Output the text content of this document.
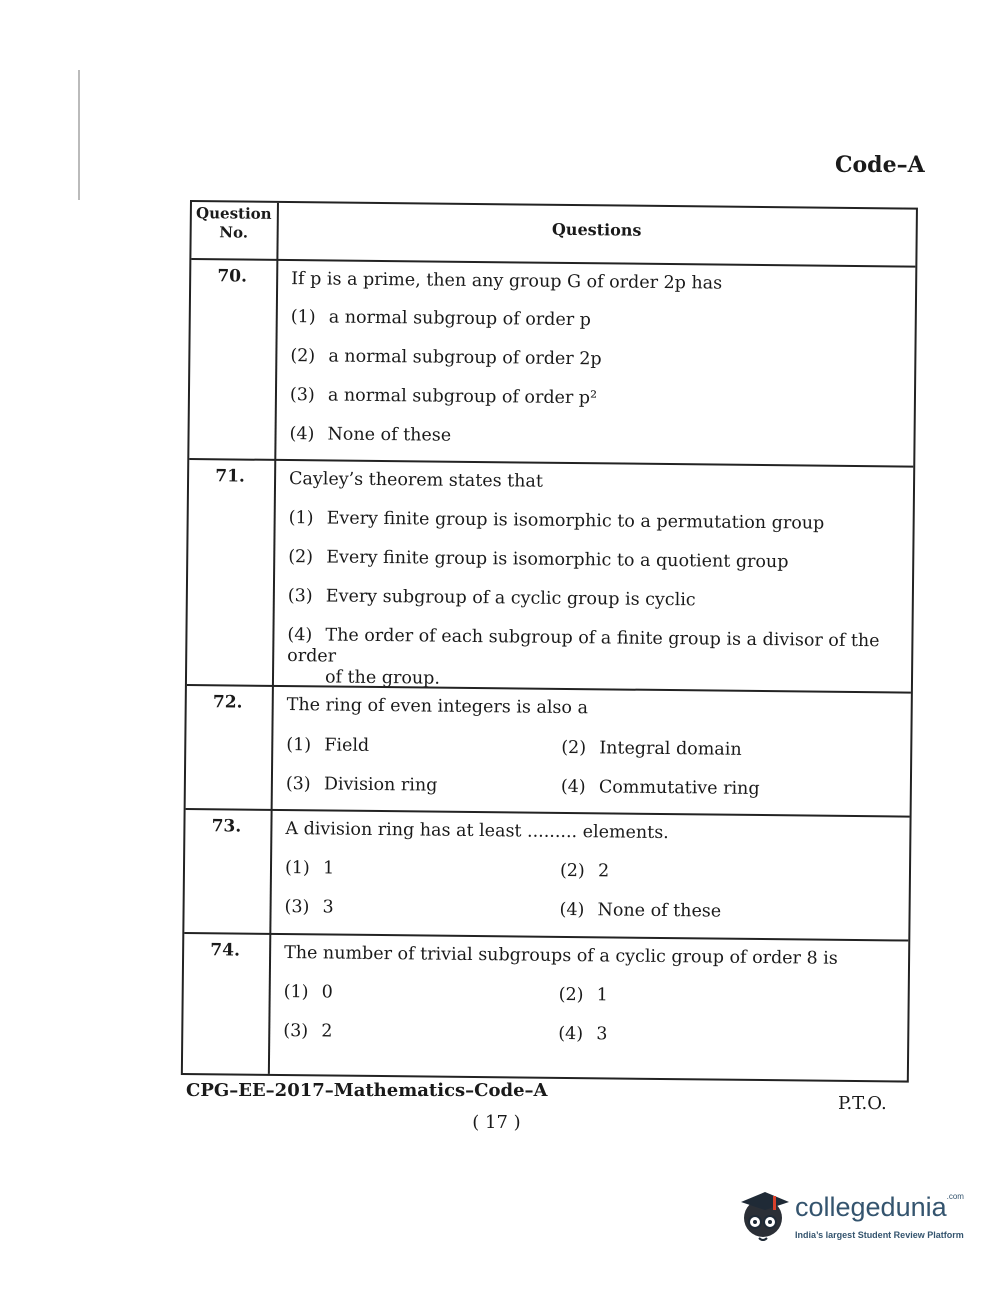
Code–A
Question No.	Questions
70.	If p is a prime, then any group G of order 2p has
(1) a normal subgroup of order p
(2) a normal subgroup of order 2p
(3) a normal subgroup of order p²
(4) None of these
71.	Cayley’s theorem states that
(1) Every finite group is isomorphic to a permutation group
(2) Every finite group is isomorphic to a quotient group
(3) Every subgroup of a cyclic group is cyclic
(4) The order of each subgroup of a finite group is a divisor of the order
of the group.
72.	The ring of even integers is also a
(1) Field	(2) Integral domain
(3) Division ring	(4) Commutative ring
73.	A division ring has at least ......... elements.
(1) 1	(2) 2
(3) 3	(4) None of these
74.	The number of trivial subgroups of a cyclic group of order 8 is
(1) 0	(2) 1
(3) 2	(4) 3
CPG–EE–2017–Mathematics–Code–A
P.T.O.
( 17 )
collegedunia$^{.com}$
India’s largest Student Review Platform
